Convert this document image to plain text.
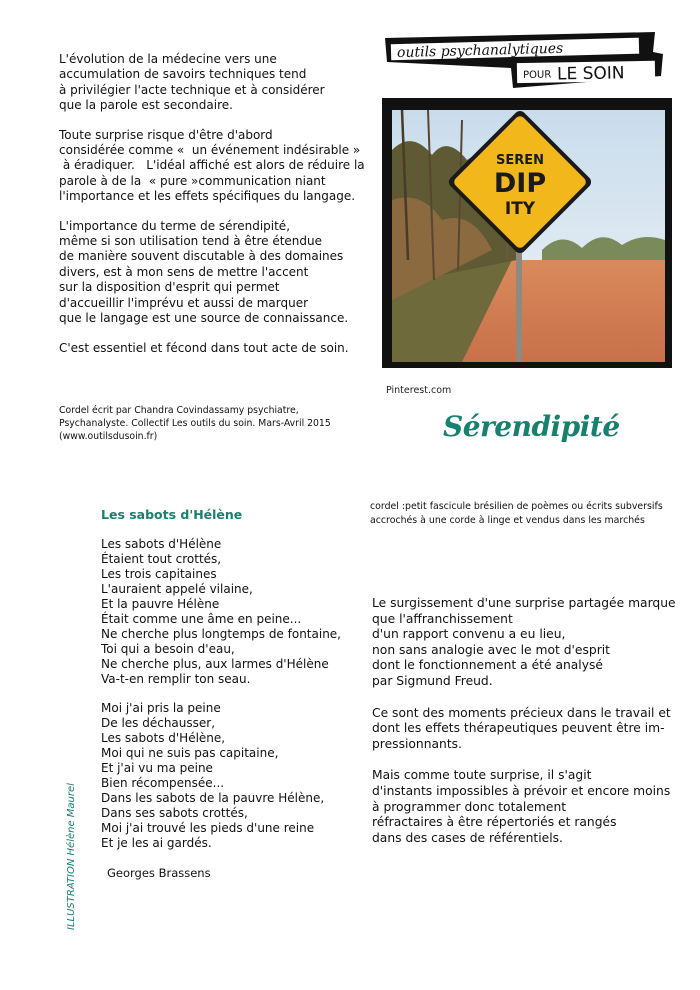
L'évolution de la médecine vers une
accumulation de savoirs techniques tend
à privilégier l'acte technique et à considérer
que la parole est secondaire.

Toute surprise risque d'être d'abord
considérée comme «  un événement indésirable »
à éradiquer.   L'idéal affiché est alors de réduire la
parole à de la  « pure »communication niant
l'importance et les effets spécifiques du langage.

L'importance du terme de sérendipité,
même si son utilisation tend à être étendue
de manière souvent discutable à des domaines
divers, est à mon sens de mettre l'accent
sur la disposition d'esprit qui permet
d'accueillir l'imprévu et aussi de marquer
que le langage est une source de connaissance.

C'est essentiel et fécond dans tout acte de soin.

Cordel écrit par Chandra Covindassamy psychiatre,
Psychanalyste. Collectif Les outils du soin. Mars-Avril 2015
(www.outilsdusoin.fr)
outils psychanalytiques
POUR LE SOIN
SEREN
DIP
ITY
Pinterest.com
Sérendipité
Les sabots d'Hélène
Les sabots d'Hélène
Étaient tout crottés,
Les trois capitaines
L'auraient appelé vilaine,
Et la pauvre Hélène
Était comme une âme en peine...
Ne cherche plus longtemps de fontaine,
Toi qui a besoin d'eau,
Ne cherche plus, aux larmes d'Hélène
Va-t-en remplir ton seau.
Moi j'ai pris la peine
De les déchausser,
Les sabots d'Hélène,
Moi qui ne suis pas capitaine,
Et j'ai vu ma peine
Bien récompensée...
Dans les sabots de la pauvre Hélène,
Dans ses sabots crottés,
Moi j'ai trouvé les pieds d'une reine
Et je les ai gardés.
Georges Brassens
ILLUSTRATION Hélène Maurel
cordel :petit fascicule brésilien de poèmes ou écrits subversifs
accrochés à une corde à linge et vendus dans les marchés

Le surgissement d'une surprise partagée marque
que l'affranchissement
d'un rapport convenu a eu lieu,
non sans analogie avec le mot d'esprit
dont le fonctionnement a été analysé
par Sigmund Freud.

Ce sont des moments précieux dans le travail et
dont les effets thérapeutiques peuvent être im-
pressionnants.

Mais comme toute surprise, il s'agit
d'instants impossibles à prévoir et encore moins
à programmer donc totalement
réfractaires à être répertoriés et rangés
dans des cases de référentiels.
